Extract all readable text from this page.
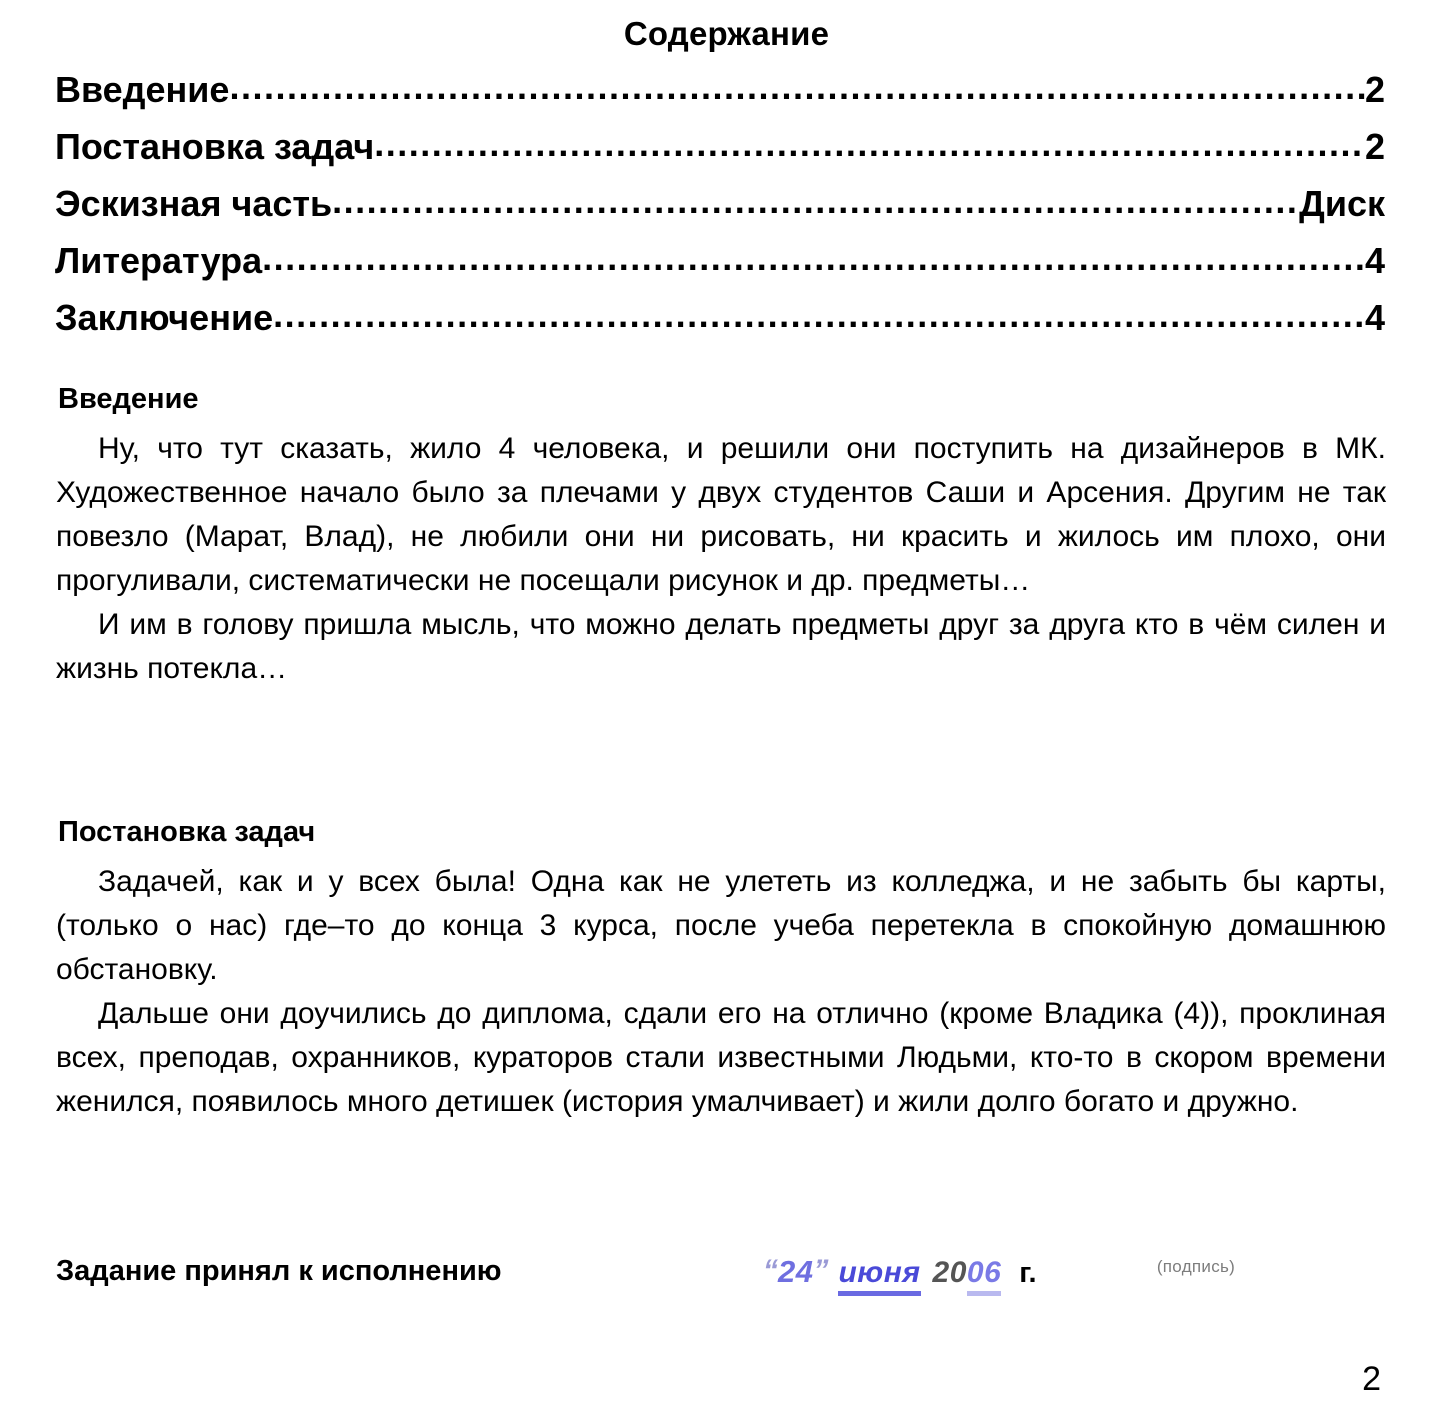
Содержание
Введение .....	2
Постановка задач .....	2
Эскизная часть .....	Диск
Литература .....	4
Заключение .....	4
Введение

Ну, что тут сказать, жило 4 человека, и решили они поступить на дизайнеров в МК. Художественное начало было за плечами у двух студентов Саши и Арсения. Другим не так повезло (Марат, Влад), не любили они ни рисовать, ни красить и жилось им плохо, они прогуливали, систематически не посещали рисунок и др. предметы…

И им в голову пришла мысль, что можно делать предметы друг за друга кто в чём силен и жизнь потекла…

Постановка задач

Задачей, как и у всех была! Одна как не улететь из колледжа, и не забыть бы карты, (только о нас) где–то до конца 3 курса, после учеба перетекла в спокойную домашнюю обстановку.

Дальше они доучились до диплома, сдали его на отлично (кроме Владика (4)), проклиная всех, преподав, охранников, кураторов стали известными Людьми, кто-то в скором времени женился, появилось много детишек (история умалчивает) и жили долго богато и дружно.

Задание принял к исполнению	“24” июня 2006 г.	(подпись)
2
